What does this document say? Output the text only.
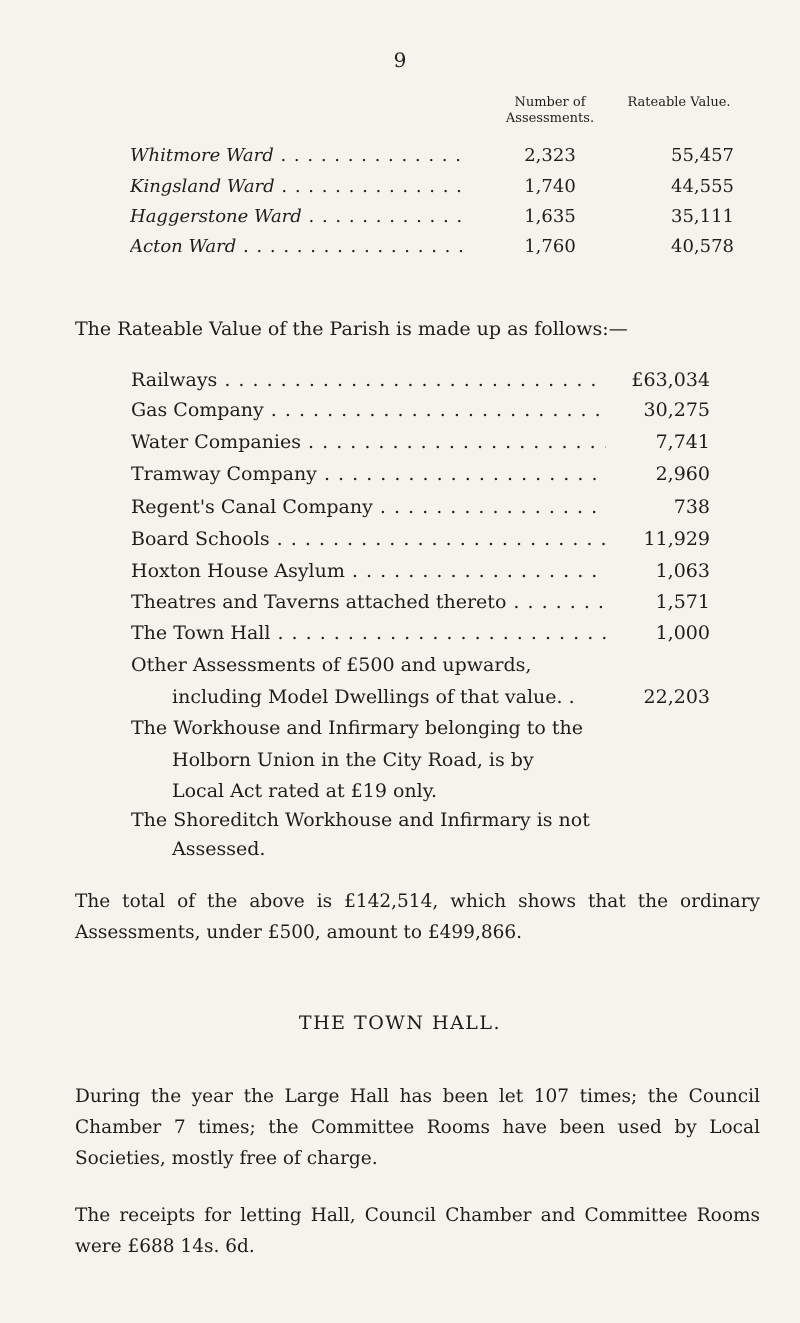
9
Number of Assessments.
Rateable Value.
Whitmore Ward . . .	2,323	55,457
Kingsland Ward . . .	1,740	44,555
Haggerstone Ward . . .	1,635	35,111
Acton Ward . . .	1,760	40,578
The Rateable Value of the Parish is made up as follows:—
Railways . . .	£63,034
Gas Company . . .	30,275
Water Companies . . .	7,741
Tramway Company . . .	2,960
Regent's Canal Company . . .	738
Board Schools . . .	11,929
Hoxton House Asylum . . .	1,063
Theatres and Taverns attached thereto . . .	1,571
The Town Hall . . .	1,000
Other Assessments of £500 and upwards,
including Model Dwellings of that value. .	22,203
The Workhouse and Infirmary belonging to the
Holborn Union in the City Road, is by
Local Act rated at £19 only.
The Shoreditch Workhouse and Infirmary is not
Assessed.
The total of the above is £142,514, which shows that the ordinary Assessments, under £500, amount to £499,866.
THE TOWN HALL.
During the year the Large Hall has been let 107 times; the Council Chamber 7 times; the Committee Rooms have been used by Local Societies, mostly free of charge.
The receipts for letting Hall, Council Chamber and Committee Rooms were £688 14s. 6d.
